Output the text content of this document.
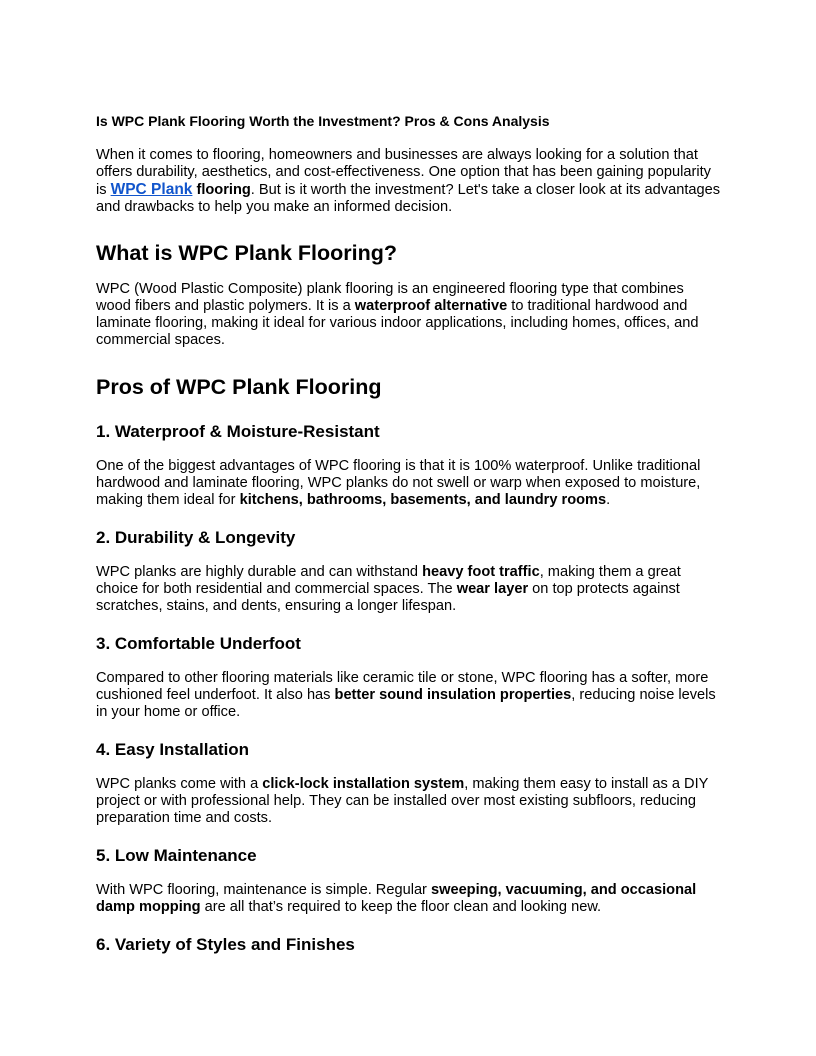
Is WPC Plank Flooring Worth the Investment? Pros & Cons Analysis

When it comes to flooring, homeowners and businesses are always looking for a solution that offers durability, aesthetics, and cost-effectiveness. One option that has been gaining popularity is WPC Plank flooring. But is it worth the investment? Let's take a closer look at its advantages and drawbacks to help you make an informed decision.

What is WPC Plank Flooring?

WPC (Wood Plastic Composite) plank flooring is an engineered flooring type that combines wood fibers and plastic polymers. It is a waterproof alternative to traditional hardwood and laminate flooring, making it ideal for various indoor applications, including homes, offices, and commercial spaces.

Pros of WPC Plank Flooring
1. Waterproof & Moisture-Resistant

One of the biggest advantages of WPC flooring is that it is 100% waterproof. Unlike traditional hardwood and laminate flooring, WPC planks do not swell or warp when exposed to moisture, making them ideal for kitchens, bathrooms, basements, and laundry rooms.

2. Durability & Longevity

WPC planks are highly durable and can withstand heavy foot traffic, making them a great choice for both residential and commercial spaces. The wear layer on top protects against scratches, stains, and dents, ensuring a longer lifespan.

3. Comfortable Underfoot

Compared to other flooring materials like ceramic tile or stone, WPC flooring has a softer, more cushioned feel underfoot. It also has better sound insulation properties, reducing noise levels in your home or office.

4. Easy Installation

WPC planks come with a click-lock installation system, making them easy to install as a DIY project or with professional help. They can be installed over most existing subfloors, reducing preparation time and costs.

5. Low Maintenance

With WPC flooring, maintenance is simple. Regular sweeping, vacuuming, and occasional damp mopping are all that’s required to keep the floor clean and looking new.

6. Variety of Styles and Finishes
